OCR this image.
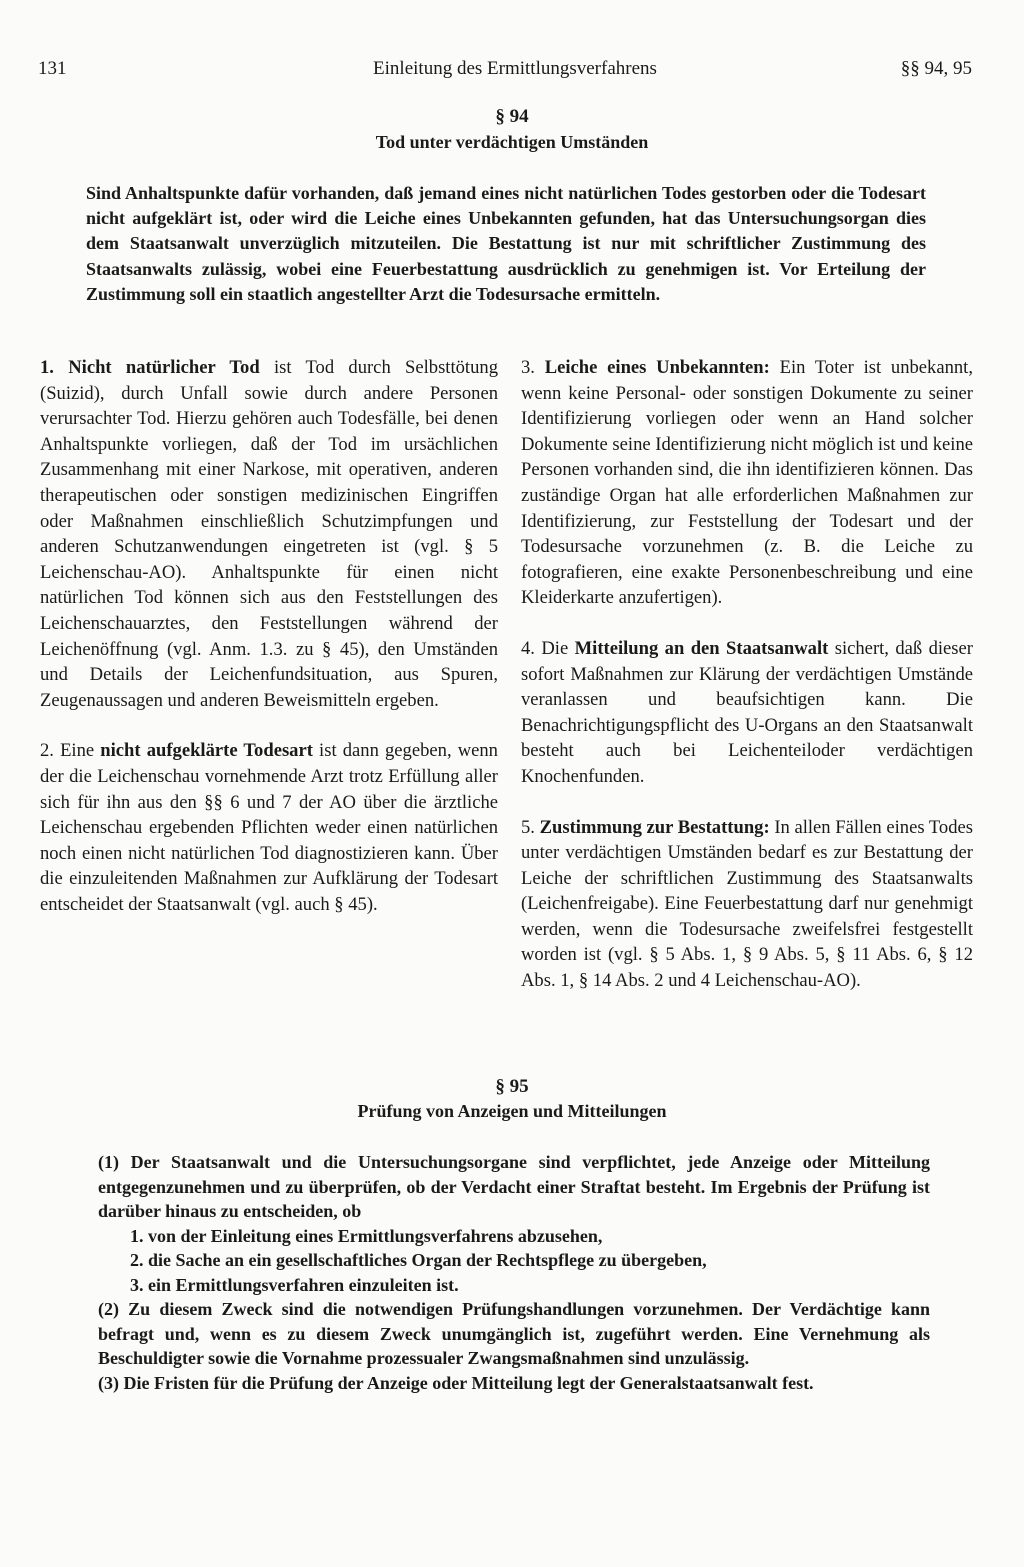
131	Einleitung des Ermittlungsverfahrens	§§ 94, 95
§ 94
Tod unter verdächtigen Umständen

Sind Anhaltspunkte dafür vorhanden, daß jemand eines nicht natürlichen Todes gestorben oder die Todesart nicht aufgeklärt ist, oder wird die Leiche eines Unbekannten gefunden, hat das Untersuchungsorgan dies dem Staatsanwalt unverzüglich mitzuteilen. Die Bestattung ist nur mit schriftlicher Zustimmung des Staatsanwalts zulässig, wobei eine Feuerbestattung ausdrücklich zu genehmigen ist. Vor Erteilung der Zustimmung soll ein staatlich angestellter Arzt die Todesursache ermitteln.

1. Nicht natürlicher Tod ist Tod durch Selbsttötung (Suizid), durch Unfall sowie durch andere Personen verursachter Tod. Hierzu gehören auch Todesfälle, bei denen Anhaltspunkte vorliegen, daß der Tod im ursächlichen Zusammenhang mit einer Narkose, mit operativen, anderen therapeutischen oder sonstigen medizinischen Eingriffen oder Maßnahmen einschließlich Schutzimpfungen und anderen Schutzanwendungen eingetreten ist (vgl. § 5 Leichenschau-AO). Anhaltspunkte für einen nicht natürlichen Tod können sich aus den Feststellungen des Leichenschauarztes, den Feststellungen während der Leichenöffnung (vgl. Anm. 1.3. zu § 45), den Umständen und Details der Leichenfundsituation, aus Spuren, Zeugenaussagen und anderen Beweismitteln ergeben.

2. Eine nicht aufgeklärte Todesart ist dann gegeben, wenn der die Leichenschau vornehmende Arzt trotz Erfüllung aller sich für ihn aus den §§ 6 und 7 der AO über die ärztliche Leichenschau ergebenden Pflichten weder einen natürlichen noch einen nicht natürlichen Tod diagnostizieren kann. Über die einzuleitenden Maßnahmen zur Aufklärung der Todesart entscheidet der Staatsanwalt (vgl. auch § 45).

3. Leiche eines Unbekannten: Ein Toter ist unbekannt, wenn keine Personal- oder sonstigen Dokumente zu seiner Identifizierung vorliegen oder wenn an Hand solcher Dokumente seine Identifizierung nicht möglich ist und keine Personen vorhanden sind, die ihn identifizieren können. Das zuständige Organ hat alle erforderlichen Maßnahmen zur Identifizierung, zur Feststellung der Todesart und der Todesursache vorzunehmen (z. B. die Leiche zu fotografieren, eine exakte Personenbeschreibung und eine Kleiderkarte anzufertigen).

4. Die Mitteilung an den Staatsanwalt sichert, daß dieser sofort Maßnahmen zur Klärung der verdächtigen Umstände veranlassen und beaufsichtigen kann. Die Benachrichtigungspflicht des U-Organs an den Staatsanwalt besteht auch bei Leichenteiloder verdächtigen Knochenfunden.

5. Zustimmung zur Bestattung: In allen Fällen eines Todes unter verdächtigen Umständen bedarf es zur Bestattung der Leiche der schriftlichen Zustimmung des Staatsanwalts (Leichenfreigabe). Eine Feuerbestattung darf nur genehmigt werden, wenn die Todesursache zweifelsfrei festgestellt worden ist (vgl. § 5 Abs. 1, § 9 Abs. 5, § 11 Abs. 6, § 12 Abs. 1, § 14 Abs. 2 und 4 Leichenschau-AO).

§ 95
Prüfung von Anzeigen und Mitteilungen

(1) Der Staatsanwalt und die Untersuchungsorgane sind verpflichtet, jede Anzeige oder Mitteilung entgegenzunehmen und zu überprüfen, ob der Verdacht einer Straftat besteht. Im Ergebnis der Prüfung ist darüber hinaus zu entscheiden, ob

1. von der Einleitung eines Ermittlungsverfahrens abzusehen,
2. die Sache an ein gesellschaftliches Organ der Rechtspflege zu übergeben,
3. ein Ermittlungsverfahren einzuleiten ist.

(2) Zu diesem Zweck sind die notwendigen Prüfungshandlungen vorzunehmen. Der Verdächtige kann befragt und, wenn es zu diesem Zweck unumgänglich ist, zugeführt werden. Eine Vernehmung als Beschuldigter sowie die Vornahme prozessualer Zwangsmaßnahmen sind unzulässig.

(3) Die Fristen für die Prüfung der Anzeige oder Mitteilung legt der Generalstaatsanwalt fest.
